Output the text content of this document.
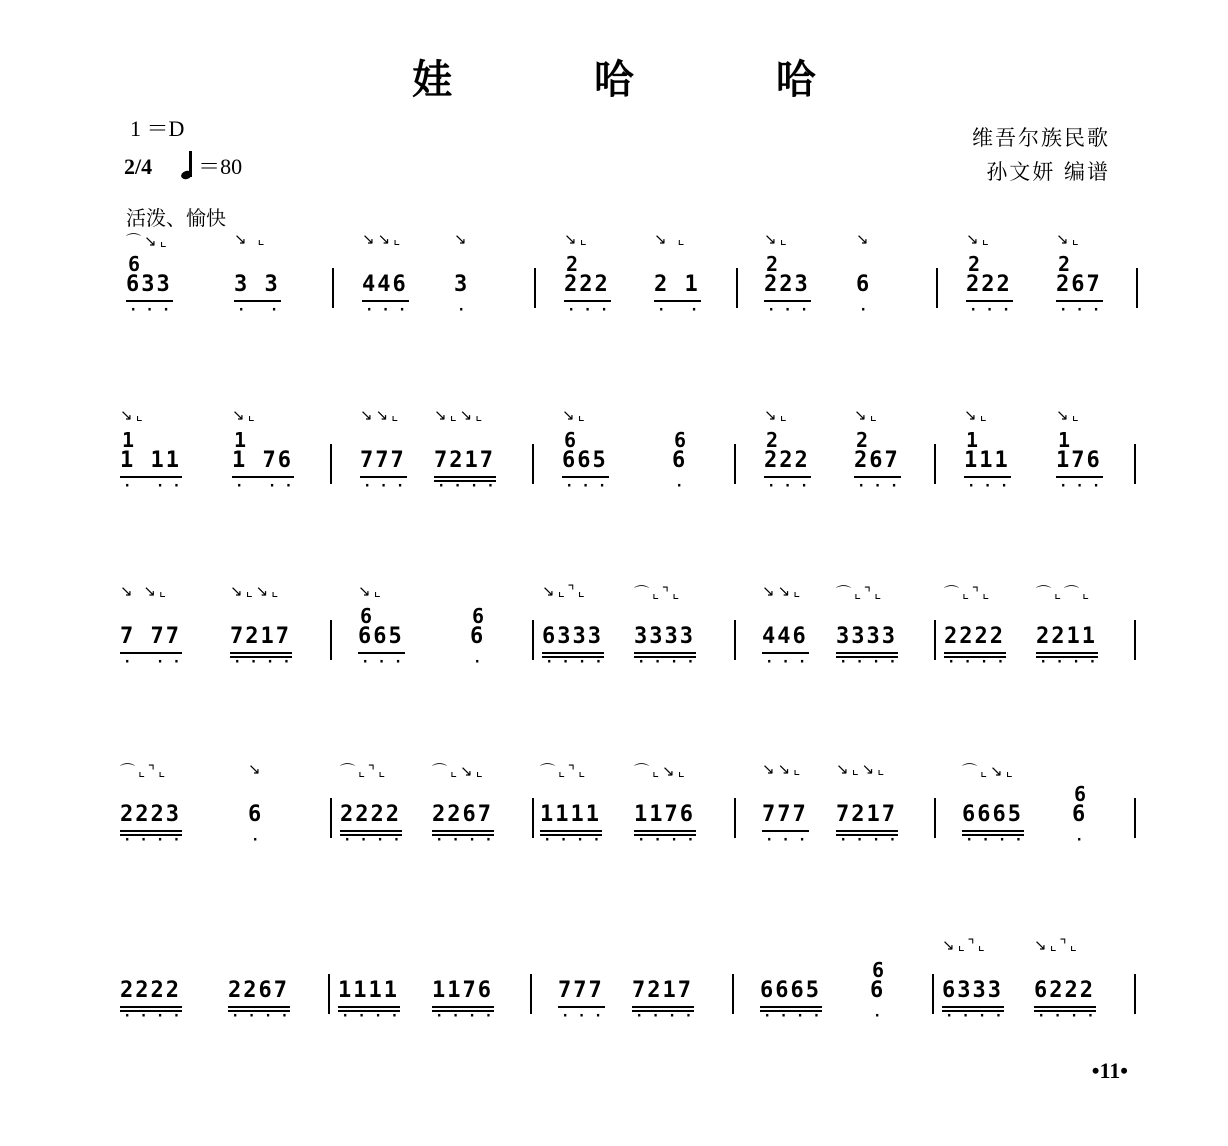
娃 哈 哈
1 ＝D
2/4 ＝80
活泼、愉快
维吾尔族民歌
孙文妍 编谱
⌒↘⌞
6
633
···
↘ ⌞
3 3
· ·
↘↘⌞
446
···
↘
3
·
↘⌞
2
222
···
↘ ⌞
2 1
· ·
↘⌞
2
223
···
↘
6
·
↘⌞
2
222
···
↘⌞
2
267
···
↘⌞
1
1 11
· ··
↘⌞
1
1 76
· ··
↘↘⌞
777
···
↘⌞↘⌞
7217
····
↘⌞
6
665
···
6
6
·
↘⌞
2
222
···
↘⌞
2
267
···
↘⌞
1
111
···
↘⌞
1
176
···
↘ ↘⌞
7 77
· ··
↘⌞↘⌞
7217
····
↘⌞
6
665
···
6
6
·
↘⌞⌝⌞
6333
····
⌒⌞⌝⌞
3333
····
↘↘⌞
446
···
⌒⌞⌝⌞
3333
····
⌒⌞⌝⌞
2222
····
⌒⌞⌒⌞
2211
····
⌒⌞⌝⌞
2223
····
↘
6
·
⌒⌞⌝⌞
2222
····
⌒⌞↘⌞
2267
····
⌒⌞⌝⌞
1111
····
⌒⌞↘⌞
1176
····
↘↘⌞
777
···
↘⌞↘⌞
7217
····
⌒⌞↘⌞
6665
····
6
6
·
2222
····
2267
····
1111
····
1176
····
777
···
7217
····
6665
····
6
6
·
↘⌞⌝⌞
6333
····
↘⌞⌝⌞
6222
····
•11•
